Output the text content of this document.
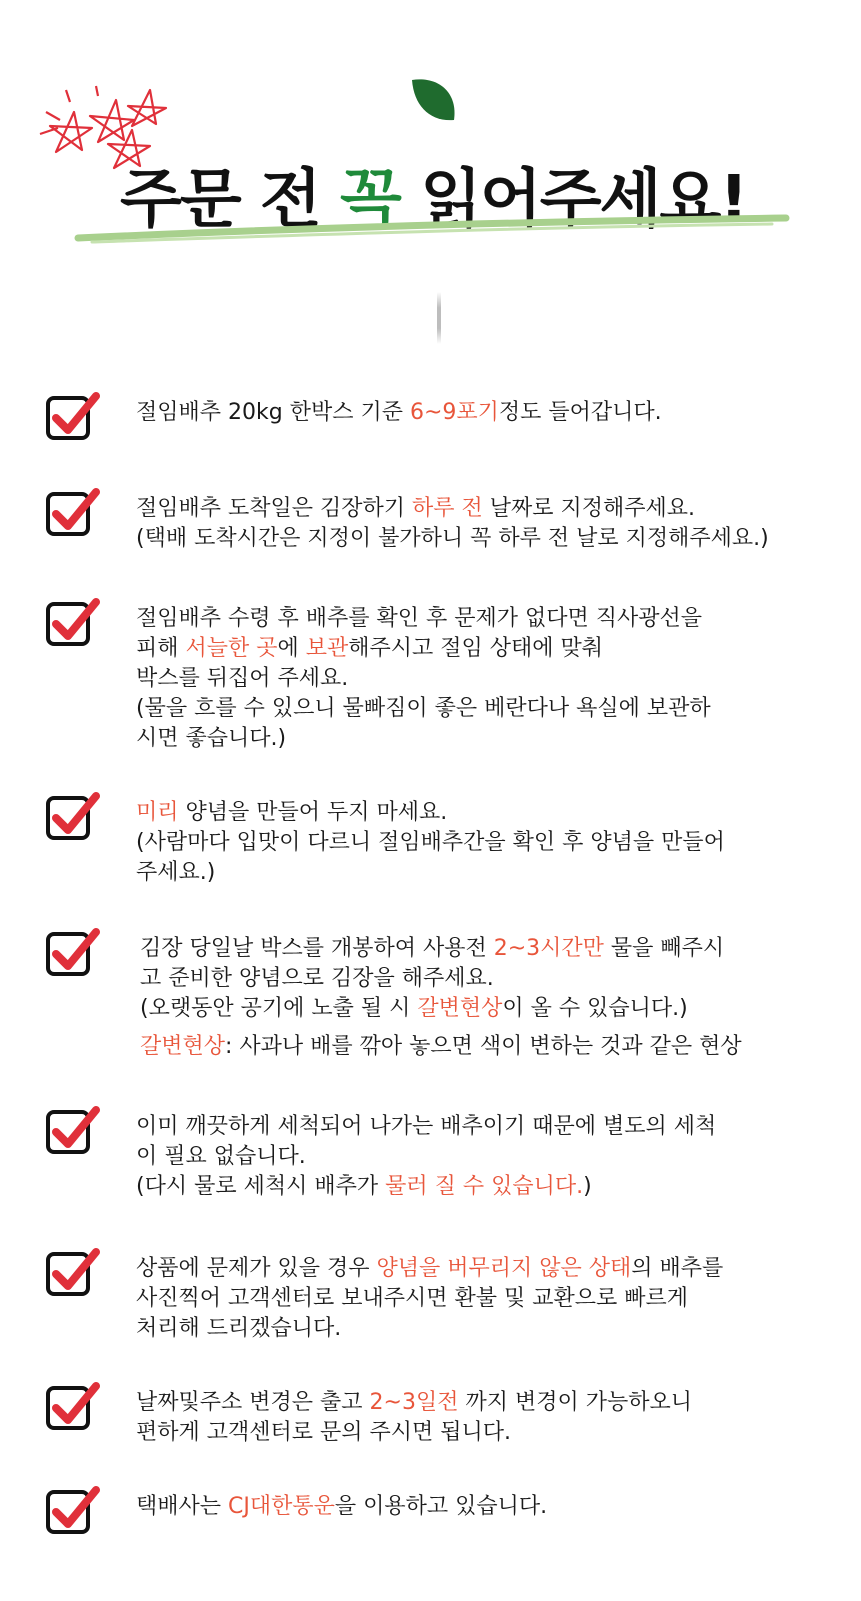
주문 전 꼭 읽어주세요!

절임배추 20kg 한박스 기준 6~9포기정도 들어갑니다.

절임배추 도착일은 김장하기 하루 전 날짜로 지정해주세요.

(택배 도착시간은 지정이 불가하니 꼭 하루 전 날로 지정해주세요.)

절임배추 수령 후 배추를 확인 후 문제가 없다면 직사광선을

피해 서늘한 곳에 보관해주시고 절임 상태에 맞춰

박스를 뒤집어 주세요.

(물을 흐를 수 있으니 물빠짐이 좋은 베란다나 욕실에 보관하

시면 좋습니다.)

미리 양념을 만들어 두지 마세요.

(사람마다 입맛이 다르니 절임배추간을 확인 후 양념을 만들어

주세요.)

김장 당일날 박스를 개봉하여 사용전 2~3시간만 물을 빼주시

고 준비한 양념으로 김장을 해주세요.

(오랫동안 공기에 노출 될 시 갈변현상이 올 수 있습니다.)

갈변현상: 사과나 배를 깎아 놓으면 색이 변하는 것과 같은 현상

이미 깨끗하게 세척되어 나가는 배추이기 때문에 별도의 세척

이 필요 없습니다.

(다시 물로 세척시 배추가 물러 질 수 있습니다.)

상품에 문제가 있을 경우 양념을 버무리지 않은 상태의 배추를

사진찍어 고객센터로 보내주시면 환불 및 교환으로 빠르게

처리해 드리겠습니다.

날짜및주소 변경은 출고 2~3일전 까지 변경이 가능하오니

편하게 고객센터로 문의 주시면 됩니다.

택배사는 CJ대한통운을 이용하고 있습니다.
